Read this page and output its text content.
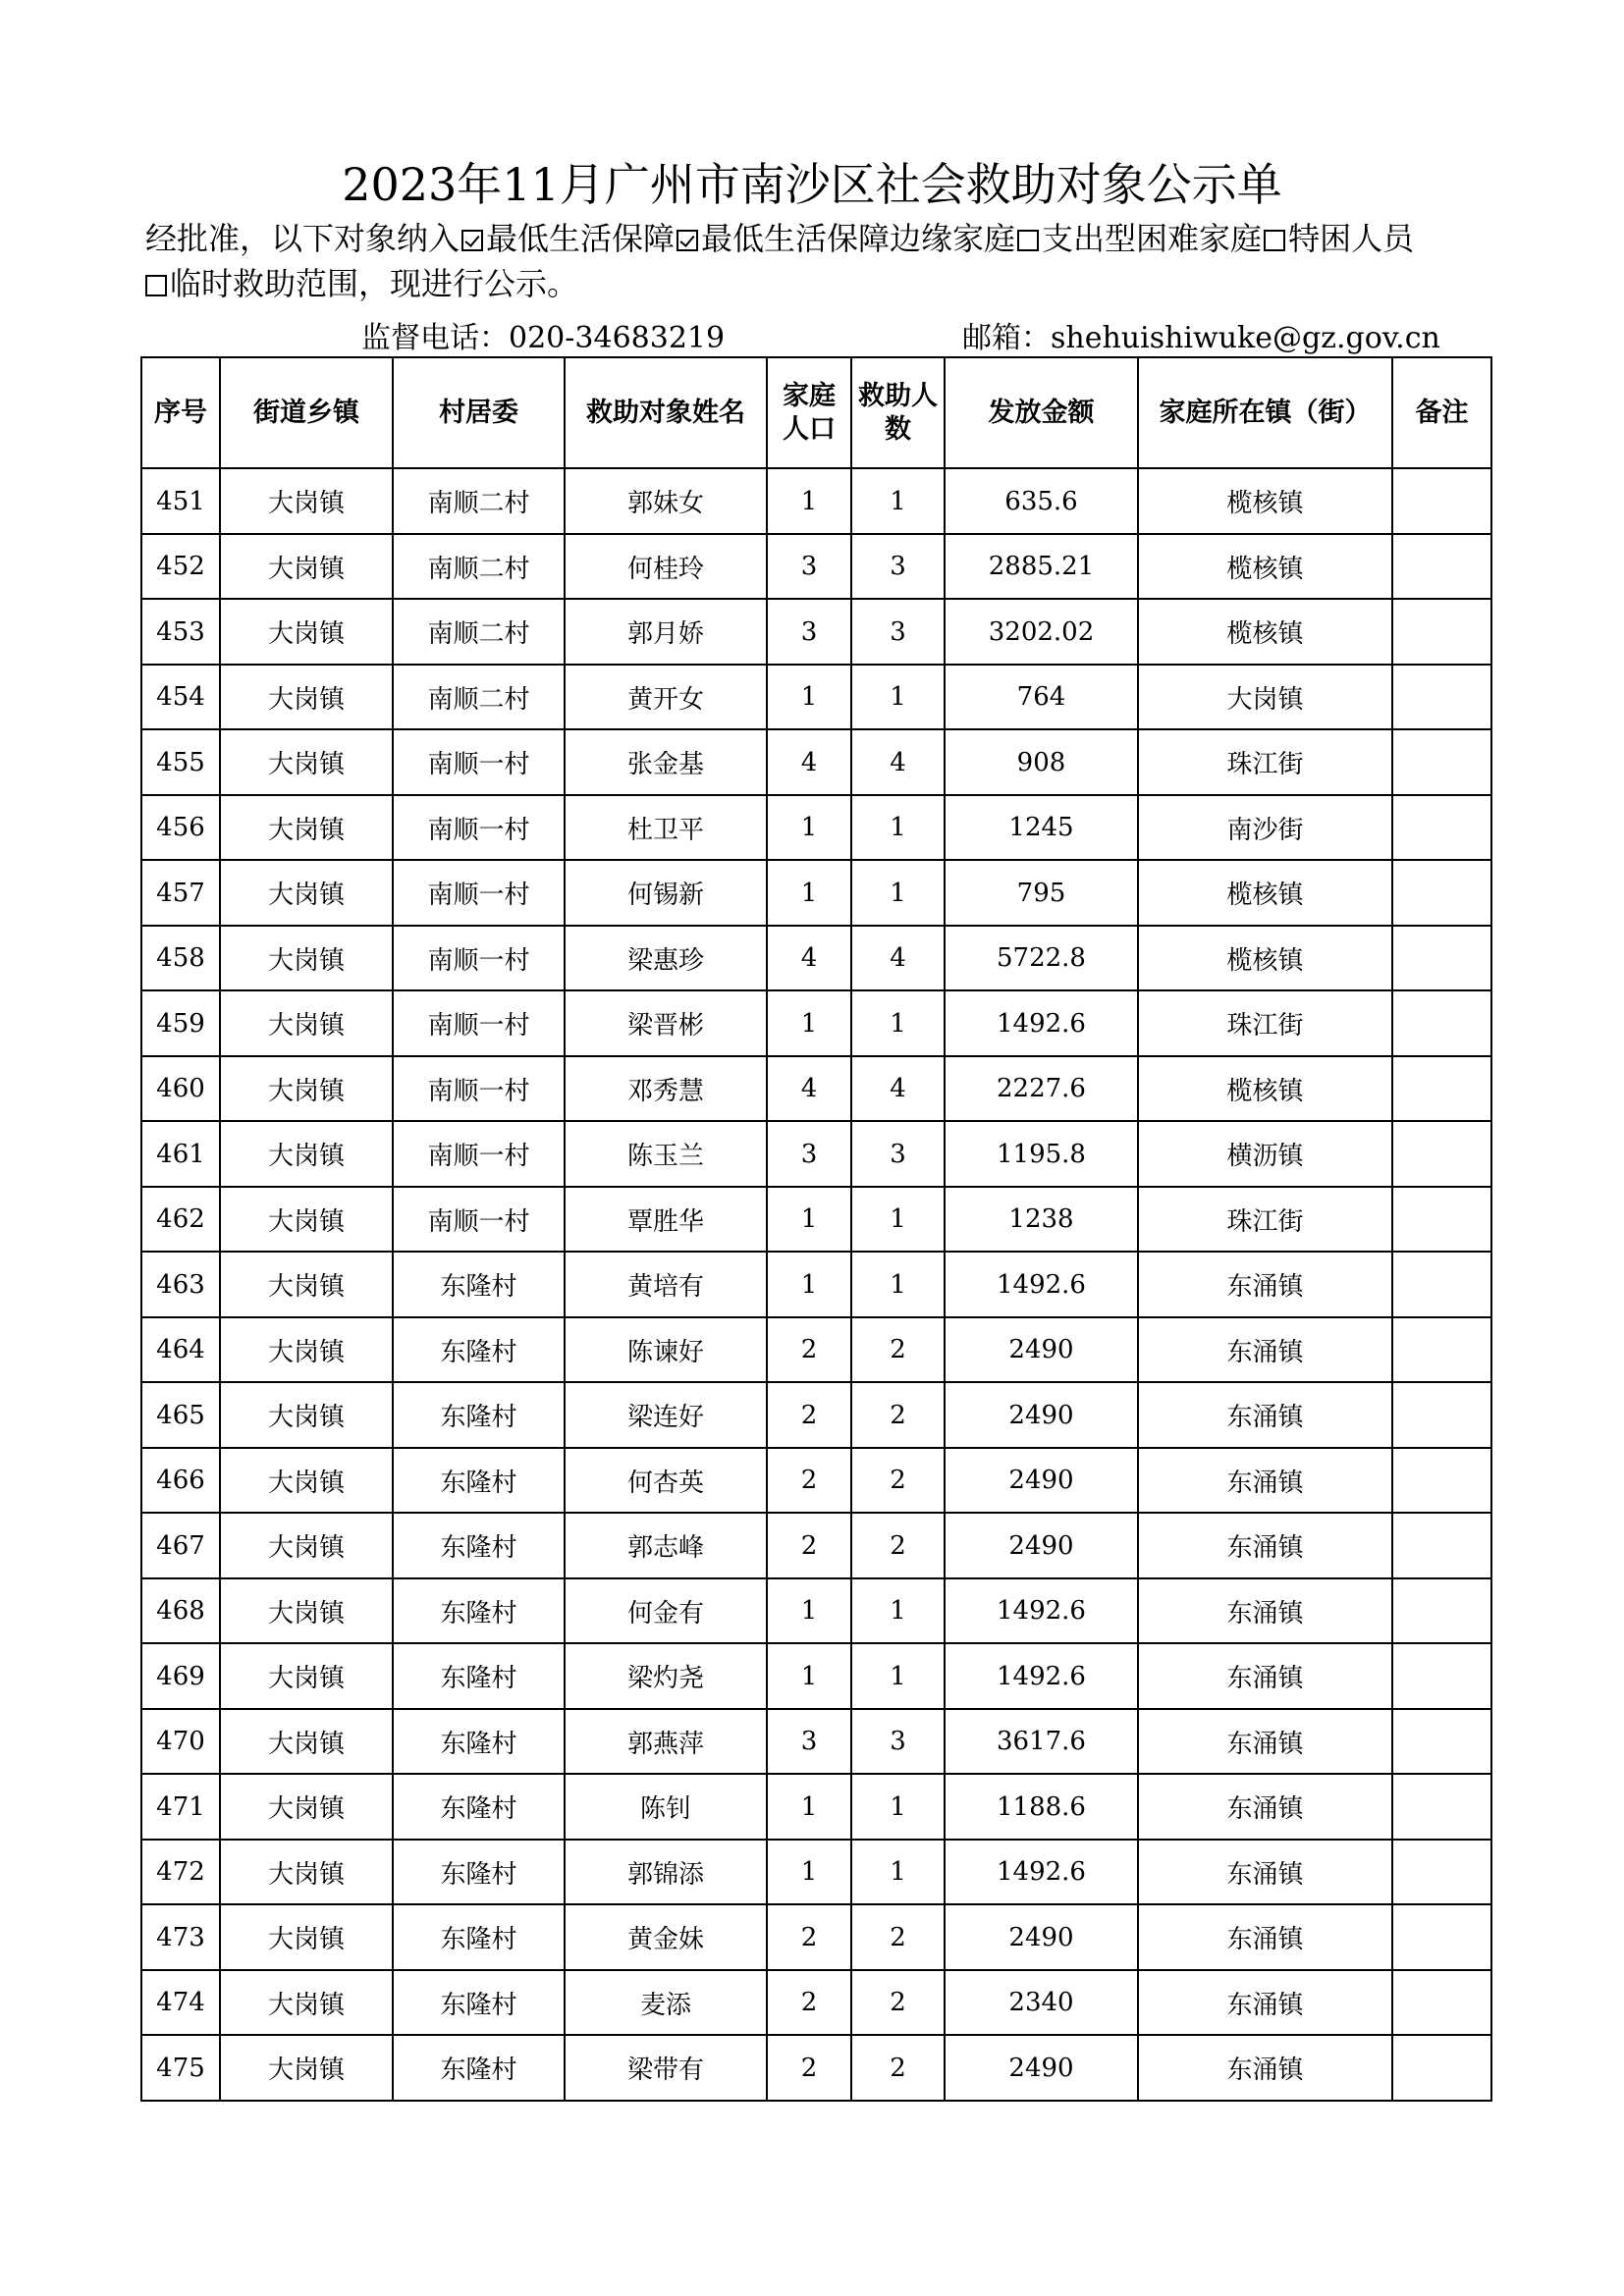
2023年11月广州市南沙区社会救助对象公示单
经批准，以下对象纳入 最低生活保障 最低生活保障边缘家庭 支出型困难家庭 特困人员
临时救助范围，现进行公示。
监督电话：020-34683219	邮箱：shehuishiwuke@gz.gov.cn
序号	街道乡镇	村居委	救助对象姓名	家庭人口	救助人数	发放金额	家庭所在镇（街）	备注
451	大岗镇	南顺二村	郭妹女	1	1	635.6	榄核镇	
452	大岗镇	南顺二村	何桂玲	3	3	2885.21	榄核镇	
453	大岗镇	南顺二村	郭月娇	3	3	3202.02	榄核镇	
454	大岗镇	南顺二村	黄开女	1	1	764	大岗镇	
455	大岗镇	南顺一村	张金基	4	4	908	珠江街	
456	大岗镇	南顺一村	杜卫平	1	1	1245	南沙街	
457	大岗镇	南顺一村	何锡新	1	1	795	榄核镇	
458	大岗镇	南顺一村	梁惠珍	4	4	5722.8	榄核镇	
459	大岗镇	南顺一村	梁晋彬	1	1	1492.6	珠江街	
460	大岗镇	南顺一村	邓秀慧	4	4	2227.6	榄核镇	
461	大岗镇	南顺一村	陈玉兰	3	3	1195.8	横沥镇	
462	大岗镇	南顺一村	覃胜华	1	1	1238	珠江街	
463	大岗镇	东隆村	黄培有	1	1	1492.6	东涌镇	
464	大岗镇	东隆村	陈谏好	2	2	2490	东涌镇	
465	大岗镇	东隆村	梁连好	2	2	2490	东涌镇	
466	大岗镇	东隆村	何杏英	2	2	2490	东涌镇	
467	大岗镇	东隆村	郭志峰	2	2	2490	东涌镇	
468	大岗镇	东隆村	何金有	1	1	1492.6	东涌镇	
469	大岗镇	东隆村	梁灼尧	1	1	1492.6	东涌镇	
470	大岗镇	东隆村	郭燕萍	3	3	3617.6	东涌镇	
471	大岗镇	东隆村	陈钊	1	1	1188.6	东涌镇	
472	大岗镇	东隆村	郭锦添	1	1	1492.6	东涌镇	
473	大岗镇	东隆村	黄金妹	2	2	2490	东涌镇	
474	大岗镇	东隆村	麦添	2	2	2340	东涌镇	
475	大岗镇	东隆村	梁带有	2	2	2490	东涌镇	
